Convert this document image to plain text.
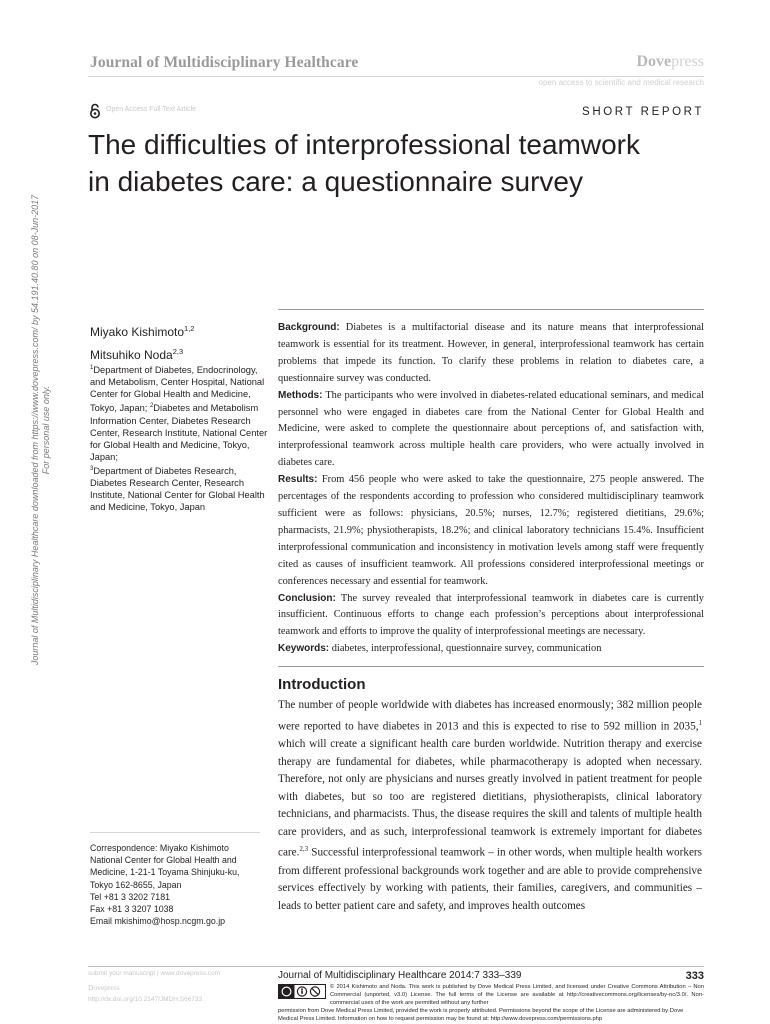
Journal of Multidisciplinary Healthcare	Dovepress
open access to scientific and medical research
Open Access Full Text Article	SHORT REPORT
The difficulties of interprofessional teamwork
in diabetes care: a questionnaire survey
Journal of Multidisciplinary Healthcare downloaded from https://www.dovepress.com/ by 54.191.40.80 on 08-Jun-2017 For personal use only.
Miyako Kishimoto$^{1,2}$
Mitsuhiko Noda$^{2,3}$
$^1$Department of Diabetes, Endocrinology, and Metabolism, Center Hospital, National Center for Global Health and Medicine, Tokyo, Japan; $^2$Diabetes and Metabolism Information Center, Diabetes Research Center, Research Institute, National Center for Global Health and Medicine, Tokyo, Japan;
$^3$Department of Diabetes Research, Diabetes Research Center, Research Institute, National Center for Global Health and Medicine, Tokyo, Japan
Correspondence: Miyako Kishimoto
National Center for Global Health and
Medicine, 1-21-1 Toyama Shinjuku-ku,
Tokyo 162-8655, Japan
Tel +81 3 3202 7181
Fax +81 3 3207 1038
Email mkishimo@hosp.ncgm.go.jp

Background: Diabetes is a multifactorial disease and its nature means that interprofessional teamwork is essential for its treatment. However, in general, interprofessional teamwork has certain problems that impede its function. To clarify these problems in relation to diabetes care, a questionnaire survey was conducted.

Methods: The participants who were involved in diabetes-related educational seminars, and medical personnel who were engaged in diabetes care from the National Center for Global Health and Medicine, were asked to complete the questionnaire about perceptions of, and satisfaction with, interprofessional teamwork across multiple health care providers, who were actually involved in diabetes care.

Results: From 456 people who were asked to take the questionnaire, 275 people answered. The percentages of the respondents according to profession who considered multidisciplinary teamwork sufficient were as follows: physicians, 20.5%; nurses, 12.7%; registered dietitians, 29.6%; pharmacists, 21.9%; physiotherapists, 18.2%; and clinical laboratory technicians 15.4%. Insufficient interprofessional communication and inconsistency in motivation levels among staff were frequently cited as causes of insufficient teamwork. All professions considered interprofessional meetings or conferences necessary and essential for teamwork.

Conclusion: The survey revealed that interprofessional teamwork in diabetes care is currently insufficient. Continuous efforts to change each profession’s perceptions about interprofessional teamwork and efforts to improve the quality of interprofessional meetings are necessary.

Keywords: diabetes, interprofessional, questionnaire survey, communication

Introduction

The number of people worldwide with diabetes has increased enormously; 382 million people were reported to have diabetes in 2013 and this is expected to rise to 592 million in 2035,$^1$ which will create a significant health care burden worldwide. Nutrition therapy and exercise therapy are fundamental for diabetes, while pharmacotherapy is adopted when necessary. Therefore, not only are physicians and nurses greatly involved in patient treatment for people with diabetes, but so too are registered dietitians, physiotherapists, clinical laboratory technicians, and pharmacists. Thus, the disease requires the skill and talents of multiple health care providers, and as such, interprofessional teamwork is extremely important for diabetes care.$^{2,3}$ Successful interprofessional teamwork – in other words, when multiple health workers from different professional backgrounds work together and are able to provide comprehensive services effectively by working with patients, their families, caregivers, and communities – leads to better patient care and safety, and improves health outcomes

submit your manuscript | www.dovepress.com
Dovepress
http://dx.doi.org/10.2147/JMDH.S66733
Journal of Multidisciplinary Healthcare 2014:7 333–339	333
© 2014 Kishimoto and Noda. This work is published by Dove Medical Press Limited, and licensed under Creative Commons Attribution – Non Commercial (unported, v3.0) License. The full terms of the License are available at http://creativecommons.org/licenses/by-nc/3.0/. Non-commercial uses of the work are permitted without any further
permission from Dove Medical Press Limited, provided the work is properly attributed. Permissions beyond the scope of the License are administered by Dove Medical Press Limited. Information on how to request permission may be found at: http://www.dovepress.com/permissions.php
